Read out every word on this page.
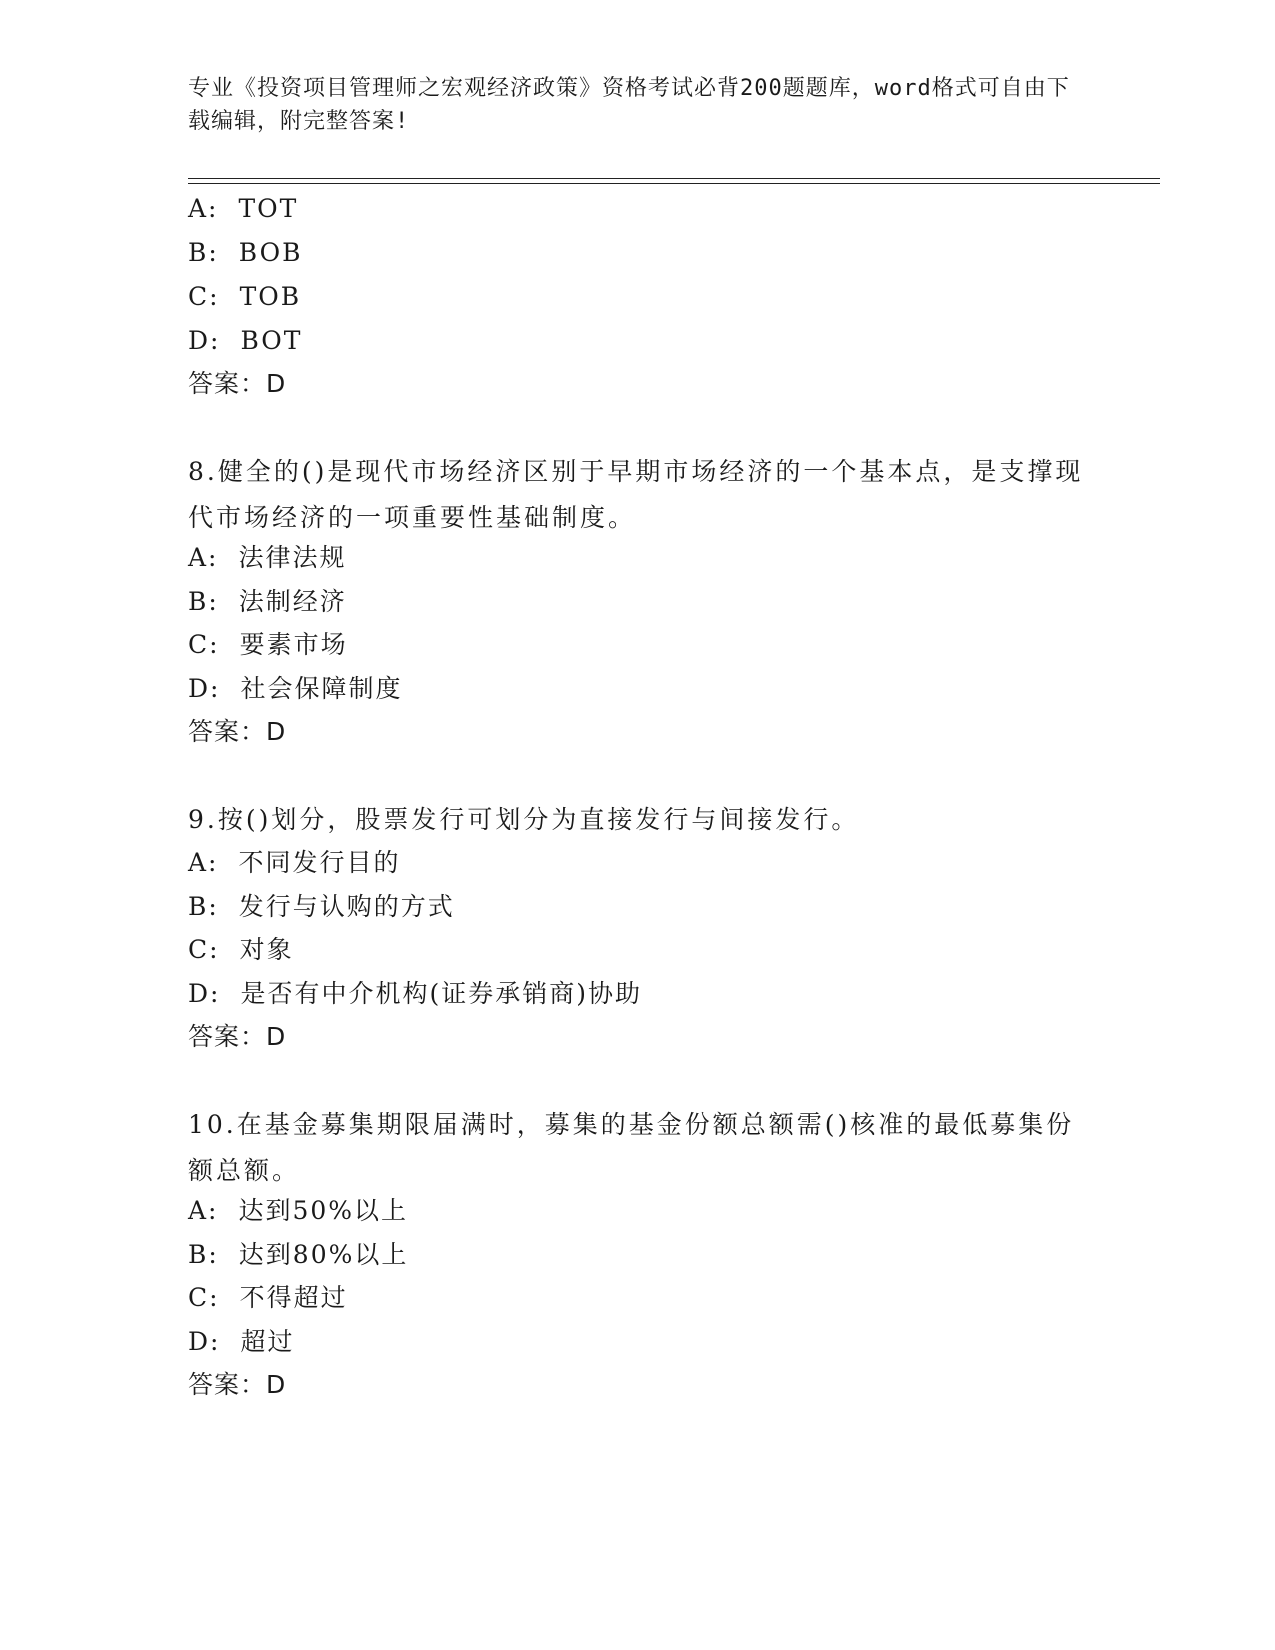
专业《投资项目管理师之宏观经济政策》资格考试必背200题题库，word格式可自由下载编辑，附完整答案!
A: TOT
B: BOB
C: TOB
D: BOT
答案：D
8.健全的()是现代市场经济区别于早期市场经济的一个基本点，是支撑现代市场经济的一项重要性基础制度。
A: 法律法规
B: 法制经济
C: 要素市场
D: 社会保障制度
答案：D
9.按()划分，股票发行可划分为直接发行与间接发行。
A: 不同发行目的
B: 发行与认购的方式
C: 对象
D: 是否有中介机构(证券承销商)协助
答案：D
10.在基金募集期限届满时，募集的基金份额总额需()核准的最低募集份额总额。
A: 达到50%以上
B: 达到80%以上
C: 不得超过
D: 超过
答案：D
